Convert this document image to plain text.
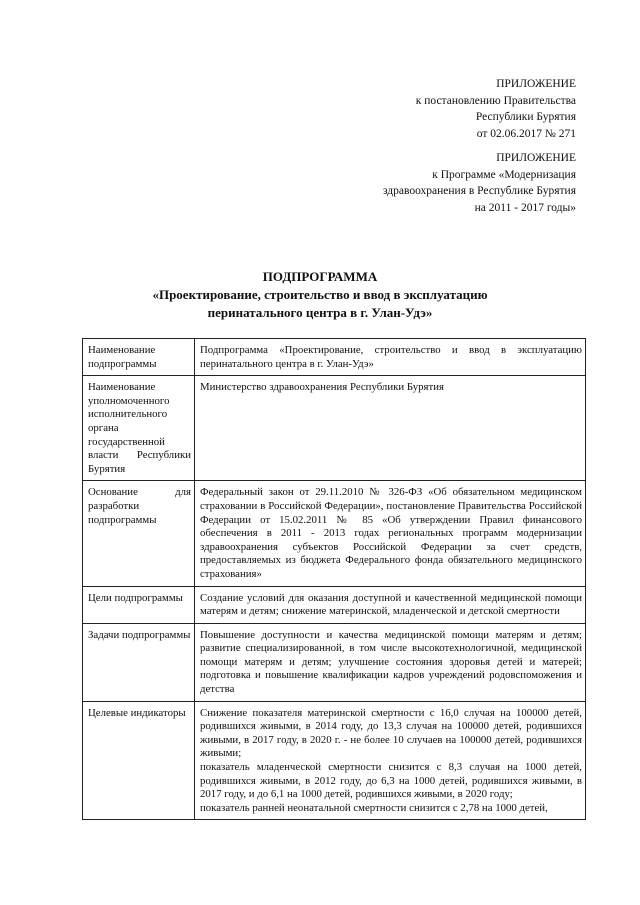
ПРИЛОЖЕНИЕ
к постановлению Правительства
Республики Бурятия
от 02.06.2017 № 271
ПРИЛОЖЕНИЕ
к Программе «Модернизация
здравоохранения в Республике Бурятия
на 2011 - 2017 годы»
ПОДПРОГРАММА
«Проектирование, строительство и ввод в эксплуатацию
перинатального центра в г. Улан-Удэ»
Наименование подпрограммы	Подпрограмма «Проектирование, строительство и ввод в эксплуатацию перинатального центра в г. Улан-Удэ»

Наименование уполномоченного исполнительного органа государственной власти Республики Бурятия	Министерство здравоохранения Республики Бурятия

Основание для разработки подпрограммы	Федеральный закон от 29.11.2010 № 326-ФЗ «Об обязательном медицинском страховании в Российской Федерации», постановление Правительства Российской Федерации от 15.02.2011 № 85 «Об утверждении Правил финансового обеспечения в 2011 - 2013 годах региональных программ модернизации здравоохранения субъектов Российской Федерации за счет средств, предоставляемых из бюджета Федерального фонда обязательного медицинского страхования»

Цели подпрограммы	Создание условий для оказания доступной и качественной медицинской помощи матерям и детям; снижение материнской, младенческой и детской смертности

Задачи подпрограммы	Повышение доступности и качества медицинской помощи матерям и детям; развитие специализированной, в том числе высокотехнологичной, медицинской помощи матерям и детям; улучшение состояния здоровья детей и матерей; подготовка и повышение квалификации кадров учреждений родовспоможения и детства

Целевые индикаторы	Снижение показателя материнской смертности с 16,0 случая на 100000 детей, родившихся живыми, в 2014 году, до 13,3 случая на 100000 детей, родившихся живыми, в 2017 году, в 2020 г. - не более 10 случаев на 100000 детей, родившихся живыми;
показатель младенческой смертности снизится с 8,3 случая на 1000 детей, родившихся живыми, в 2012 году, до 6,3 на 1000 детей, родившихся живыми, в 2017 году, и до 6,1 на 1000 детей, родившихся живыми, в 2020 году;
показатель ранней неонатальной смертности снизится с 2,78 на 1000 детей,
